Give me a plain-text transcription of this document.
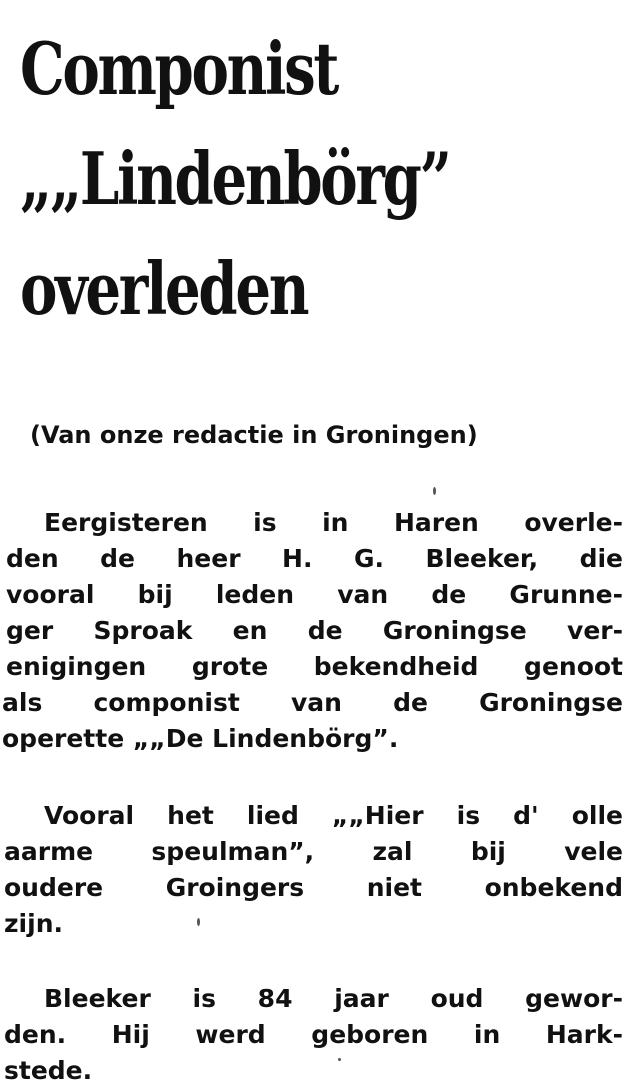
Componist
„„Lindenbörg”
overleden
(Van onze redactie in Groningen)
Eergisteren is in Haren overle-
den de heer H. G. Bleeker, die
vooral bij leden van de Grunne-
ger Sproak en de Groningse ver-
enigingen grote bekendheid genoot
als componist van de Groningse
operette „„De Lindenbörg”.
Vooral het lied „„Hier is d' olle
aarme speulman”, zal bij vele
oudere Groingers niet onbekend
zijn.
Bleeker is 84 jaar oud gewor-
den. Hij werd geboren in Hark-
stede.
